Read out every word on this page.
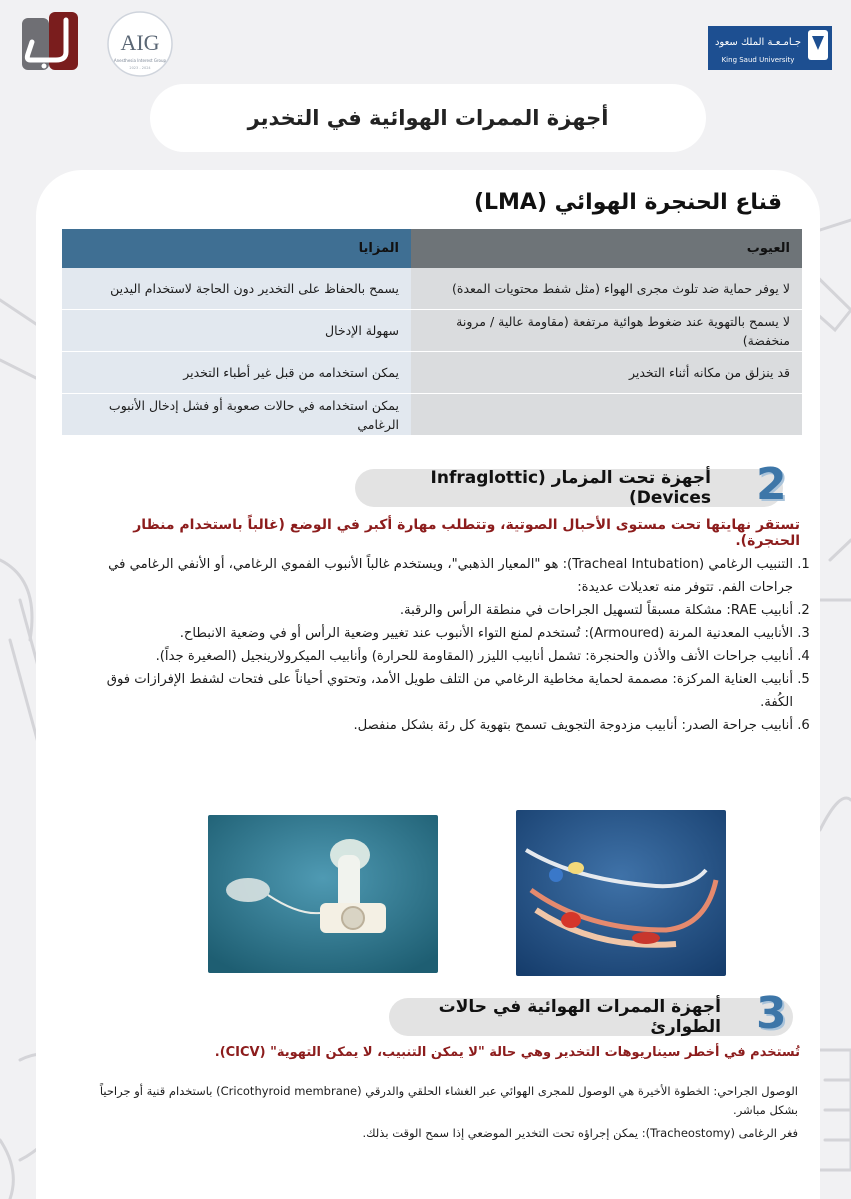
AIG
Anesthesia Interest Group
2023 - 2024
جـامـعـة الملك سعود
King Saud University
أجهزة الممرات الهوائية في التخدير
قناع الحنجرة الهوائي (LMA)
العيوب	المزايا
لا يوفر حماية ضد تلوث مجرى الهواء (مثل شفط محتويات المعدة)	يسمح بالحفاظ على التخدير دون الحاجة لاستخدام اليدين
لا يسمح بالتهوية عند ضغوط هوائية مرتفعة (مقاومة عالية / مرونة منخفضة)	سهولة الإدخال
قد ينزلق من مكانه أثناء التخدير	يمكن استخدامه من قبل غير أطباء التخدير
	يمكن استخدامه في حالات صعوبة أو فشل إدخال الأنبوب الرغامي
أجهزة تحت المزمار (Infraglottic Devices) 2
تستقر نهايتها تحت مستوى الأحبال الصوتية، وتتطلب مهارة أكبر في الوضع (غالباً باستخدام منظار الحنجرة).
1. التنبيب الرغامي (Tracheal Intubation): هو "المعيار الذهبي"، ويستخدم غالباً الأنبوب الفموي الرغامي، أو الأنفي الرغامي في جراحات الفم. تتوفر منه تعديلات عديدة:
2. أنابيب RAE: مشكلة مسبقاً لتسهيل الجراحات في منطقة الرأس والرقبة.
3. الأنابيب المعدنية المرنة (Armoured): تُستخدم لمنع التواء الأنبوب عند تغيير وضعية الرأس أو في وضعية الانبطاح.
4. أنابيب جراحات الأنف والأذن والحنجرة: تشمل أنابيب الليزر (المقاومة للحرارة) وأنابيب الميكرولارينجيل (الصغيرة جداً).
5. أنابيب العناية المركزة: مصممة لحماية مخاطية الرغامي من التلف طويل الأمد، وتحتوي أحياناً على فتحات لشفط الإفرازات فوق الكُفة.
6. أنابيب جراحة الصدر: أنابيب مزدوجة التجويف تسمح بتهوية كل رئة بشكل منفصل.
أجهزة الممرات الهوائية في حالات الطوارئ 3
تُستخدم في أخطر سيناريوهات التخدير وهي حالة "لا يمكن التنبيب، لا يمكن التهوية" (CICV).
الوصول الجراحي: الخطوة الأخيرة هي الوصول للمجرى الهوائي عبر الغشاء الحلقي والدرقي (Cricothyroid membrane) باستخدام قنية أو جراحياً بشكل مباشر.
فغر الرغامى (Tracheostomy): يمكن إجراؤه تحت التخدير الموضعي إذا سمح الوقت بذلك.
